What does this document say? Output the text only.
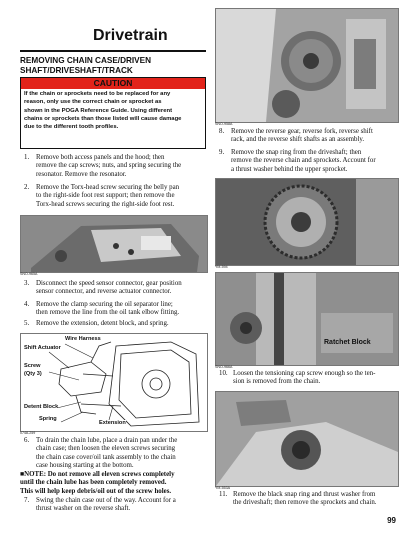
Drivetrain
REMOVING CHAIN CASE/DRIVEN SHAFT/DRIVESHAFT/TRACK
CAUTION
If the chain or sprockets need to be replaced for any
reason, only use the correct chain or sprocket as
shown in the POGA Reference Guide. Using different
chains or sprockets than those listed will cause damage
due to the different tooth profiles.
1. Remove both access panels and the hood; then
remove the cap screws; nuts, and spring securing the
resonator. Remove the resonator.
2. Remove the Torx-head screw securing the belly pan
to the right-side foot rest support; then remove the
Torx-head screws securing the right-side foot rest.
SNO-965A
3. Disconnect the speed sensor connector, gear position
sensor connector, and reverse actuator connector.
4. Remove the clamp securing the oil separator line;
then remove the line from the oil tank elbow fitting.
5. Remove the extension, detent block, and spring.
Wire Harness
Shift Actuator
Screw
(Qty 3)
Detent Block
Spring
Extension
0748-259
6. To drain the chain lube, place a drain pan under the
chain case; then loosen the eleven screws securing
the chain case cover/oil tank assembly to the chain
case housing starting at the bottom.
■NOTE: Do not remove all eleven screws completely
until the chain lube has been completely removed.
This will help keep debris/oil out of the screw holes.
7. Swing the chain case out of the way. Account for a
thrust washer on the reverse shaft.
SNO-958A
8. Remove the reverse gear, reverse fork, reverse shift
rack, and the reverse shift shafts as an assembly.
9. Remove the snap ring from the driveshaft; then
remove the reverse chain and sprockets. Account for
a thrust washer behind the upper sprocket.
YM-594
Ratchet Block
SNO-966A
10. Loosen the tensioning cap screw enough so the ten-
sion is removed from the chain.
YM-553A
11. Remove the black snap ring and thrust washer from
the driveshaft; then remove the sprockets and chain.
99
